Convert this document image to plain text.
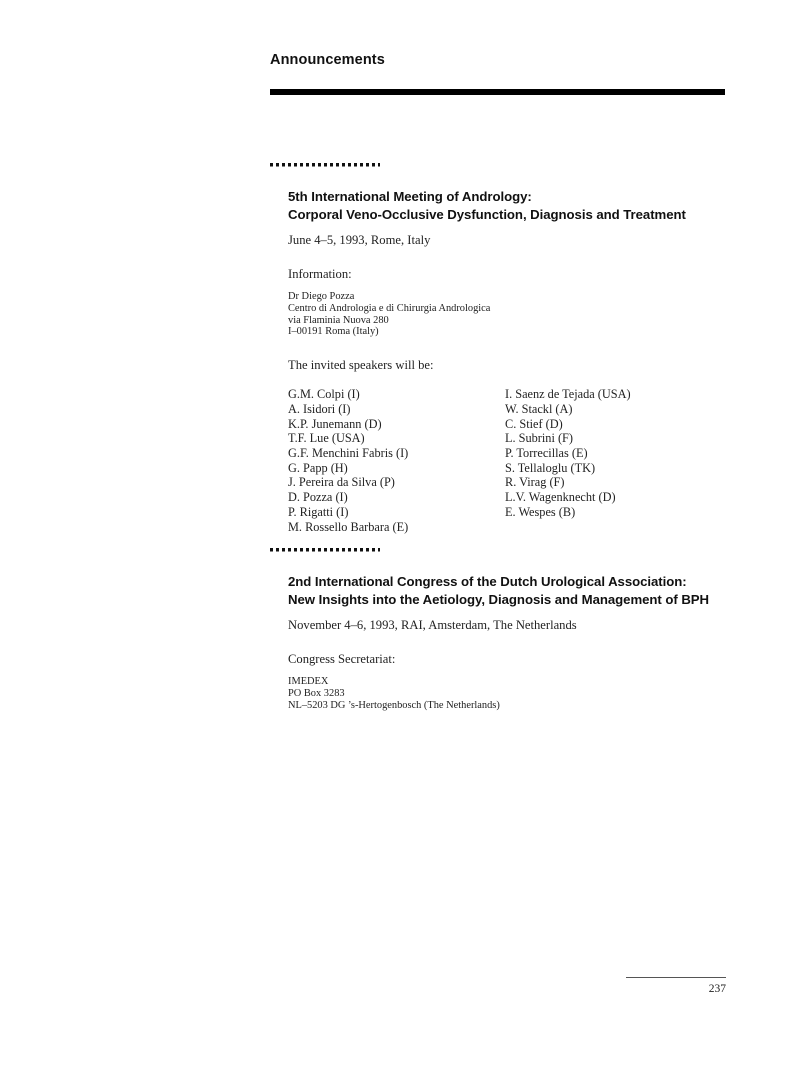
Announcements
5th International Meeting of Andrology:
Corporal Veno-Occlusive Dysfunction, Diagnosis and Treatment
June 4–5, 1993, Rome, Italy
Information:
Dr Diego Pozza
Centro di Andrologia e di Chirurgia Andrologica
via Flaminia Nuova 280
I–00191 Roma (Italy)
The invited speakers will be:
G.M. Colpi (I)
A. Isidori (I)
K.P. Junemann (D)
T.F. Lue (USA)
G.F. Menchini Fabris (I)
G. Papp (H)
J. Pereira da Silva (P)
D. Pozza (I)
P. Rigatti (I)
M. Rossello Barbara (E)
I. Saenz de Tejada (USA)
W. Stackl (A)
C. Stief (D)
L. Subrini (F)
P. Torrecillas (E)
S. Tellaloglu (TK)
R. Virag (F)
L.V. Wagenknecht (D)
E. Wespes (B)
2nd International Congress of the Dutch Urological Association:
New Insights into the Aetiology, Diagnosis and Management of BPH
November 4–6, 1993, RAI, Amsterdam, The Netherlands
Congress Secretariat:
IMEDEX
PO Box 3283
NL–5203 DG ’s-Hertogenbosch (The Netherlands)
237
